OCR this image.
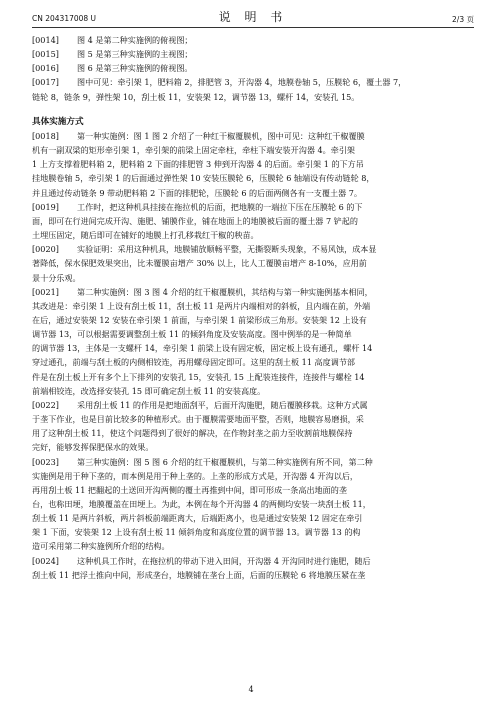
CN 204317008 U	说 明 书	2/3 页
[0014] 图 4 是第二种实施例的俯视图；
[0015] 图 5 是第三种实施例的主视图；
[0016] 图 6 是第三种实施例的俯视图。
[0017] 图中可见：牵引架 1，肥料箱 2，排肥管 3，开沟器 4，地膜卷轴 5，压膜轮 6，覆土器 7，
链轮 8，链条 9，弹性架 10，刮土板 11，安装架 12，调节器 13，螺杆 14，安装孔 15。
具体实施方式
[0018] 第一种实施例：图 1 图 2 介绍了一种红干椒覆膜机，图中可见：这种红干椒覆膜
机有一副双梁的矩形牵引架 1，牵引架的前梁上固定牵柱，牵柱下端安装开沟器 4。牵引架
1 上方支撑着肥料箱 2，肥料箱 2 下面的排肥管 3 伸到开沟器 4 的后面。牵引架 1 的下方吊
挂地膜卷轴 5，牵引架 1 的后面通过弹性架 10 安装压膜轮 6，压膜轮 6 轴端设有传动链轮 8，
并且通过传动链条 9 带动肥料箱 2 下面的排肥轮，压膜轮 6 的后面两侧各有一支覆土器 7。
[0019] 工作时，把这种机具挂接在拖拉机的后面，把地膜的一端拉下压在压膜轮 6 的下
面，即可在行进间完成开沟、施肥、铺膜作业，铺在地面上的地膜被后面的覆土器 7 铲起的
土埋压固定，随后即可在铺好的地膜上打孔移栽红干椒的秧苗。
[0020] 实验证明：采用这种机具，地膜铺放顺畅平整，无撕裂断头现象，不易风蚀，成本显
著降低，保水保肥效果突出，比未覆膜亩增产 30% 以上，比人工覆膜亩增产 8-10%，应用前
景十分乐观。
[0021] 第二种实施例：图 3 图 4 介绍的红干椒覆膜机，其结构与第一种实施例基本相同，
其改进是：牵引架 1 上设有刮土板 11，刮土板 11 是两片内端相对的斜板，且内端在前，外端
在后，通过安装架 12 安装在牵引架 1 前面，与牵引架 1 前梁形成三角形。安装架 12 上设有
调节器 13，可以根据需要调整刮土板 11 的倾斜角度及安装高度。图中例举的是一种简单
的调节器 13，主体是一支螺杆 14，牵引架 1 前梁上设有固定板，固定板上设有通孔，螺杆 14
穿过通孔，前端与刮土板的内侧相铰连，再用螺母固定即可。这里的刮土板 11 高度调节部
件是在刮土板上开有多个上下排列的安装孔 15，安装孔 15 上配装连接件，连接件与螺栓 14
前端相铰连，改选择安装孔 15 即可确定刮土板 11 的安装高度。
[0022] 采用刮土板 11 的作用是把地面刮平，后面开沟施肥，随后覆膜移栽。这种方式属
于垄下作业，也是目前比较多的种植形式。由于覆膜需要地面平整，否则，地膜容易磨损，采
用了这种刮土板 11，使这个问题得到了很好的解决，在作物封垄之前力至收割前地膜保持
完好，能够发挥保肥保水的效果。
[0023] 第三种实施例：图 5 图 6 介绍的红干椒覆膜机，与第二种实施例有所不同，第二种
实施例是用于种下垄的，而本例是用于种上垄的。上垄的形成方式是，开沟器 4 开沟以后，
再用刮土板 11 把翻起的土送回开沟两侧的覆土再推到中间，即可形成一条高出地面的垄
台，也称田埂，地膜覆盖在田埂上。为此，本例在每个开沟器 4 的两侧均安装一块刮土板 11，
刮土板 11 是两片斜板，两片斜板前端距离大，后端距离小，也是通过安装架 12 固定在牵引
架 1 下面，安装架 12 上设有刮土板 11 倾斜角度和高度位置的调节器 13。调节器 13 的构
造可采用第二种实施例所介绍的结构。
[0024] 这种机具工作时，在拖拉机的带动下进入田间，开沟器 4 开沟同时进行施肥，随后
刮土板 11 把浮土推向中间，形成垄台，地膜铺在垄台上面，后面的压膜轮 6 将地膜压紧在垄
4
